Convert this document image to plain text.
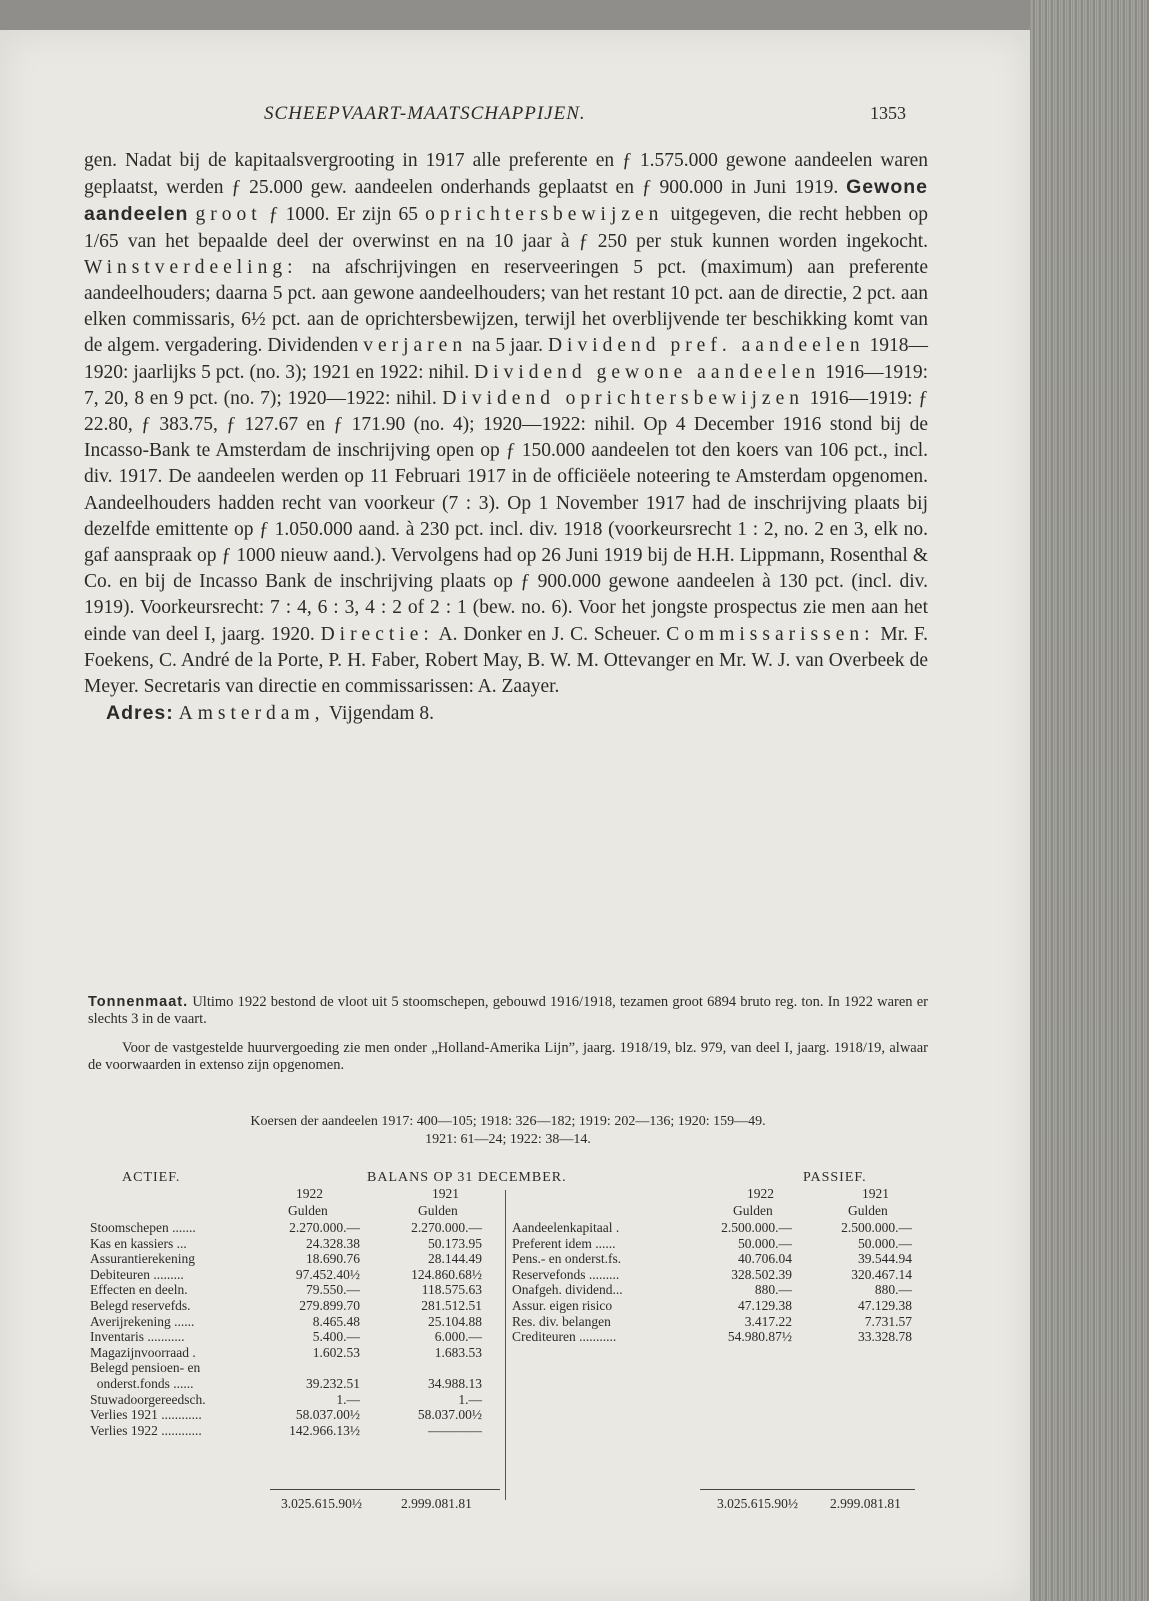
SCHEEPVAART-MAATSCHAPPIJEN.	1353

gen. Nadat bij de kapitaalsvergrooting in 1917 alle preferente en ƒ 1.575.000 gewone aandeelen waren geplaatst, werden ƒ 25.000 gew. aandeelen onderhands geplaatst en ƒ 900.000 in Juni 1919. Gewone aandeelen groot ƒ 1000. Er zijn 65 oprichtersbewijzen uitgegeven, die recht hebben op 1/65 van het bepaalde deel der overwinst en na 10 jaar à ƒ 250 per stuk kunnen worden ingekocht. Winstverdeeling: na afschrijvingen en reserveeringen 5 pct. (maximum) aan preferente aandeelhouders; daarna 5 pct. aan gewone aandeelhouders; van het restant 10 pct. aan de directie, 2 pct. aan elken commissaris, 6½ pct. aan de oprichtersbewijzen, terwijl het overblijvende ter beschikking komt van de algem. vergadering. Dividenden verjaren na 5 jaar. Dividend pref. aandeelen 1918—1920: jaarlijks 5 pct. (no. 3); 1921 en 1922: nihil. Dividend gewone aandeelen 1916—1919: 7, 20, 8 en 9 pct. (no. 7); 1920—1922: nihil. Dividend oprichtersbewijzen 1916—1919: ƒ 22.80, ƒ 383.75, ƒ 127.67 en ƒ 171.90 (no. 4); 1920—1922: nihil. Op 4 December 1916 stond bij de Incasso-Bank te Amsterdam de inschrijving open op ƒ 150.000 aandeelen tot den koers van 106 pct., incl. div. 1917. De aandeelen werden op 11 Februari 1917 in de officiëele noteering te Amsterdam opgenomen. Aandeelhouders hadden recht van voorkeur (7 : 3). Op 1 November 1917 had de inschrijving plaats bij dezelfde emittente op ƒ 1.050.000 aand. à 230 pct. incl. div. 1918 (voorkeursrecht 1 : 2, no. 2 en 3, elk no. gaf aanspraak op ƒ 1000 nieuw aand.). Vervolgens had op 26 Juni 1919 bij de H.H. Lippmann, Rosenthal & Co. en bij de Incasso Bank de inschrijving plaats op ƒ 900.000 gewone aandeelen à 130 pct. (incl. div. 1919). Voorkeursrecht: 7 : 4, 6 : 3, 4 : 2 of 2 : 1 (bew. no. 6). Voor het jongste prospectus zie men aan het einde van deel I, jaarg. 1920. Directie: A. Donker en J. C. Scheuer. Commissarissen: Mr. F. Foekens, C. André de la Porte, P. H. Faber, Robert May, B. W. M. Ottevanger en Mr. W. J. van Overbeek de Meyer. Secretaris van directie en commissarissen: A. Zaayer.

Adres: Amsterdam, Vijgendam 8.

Tonnenmaat. Ultimo 1922 bestond de vloot uit 5 stoomschepen, gebouwd 1916/1918, tezamen groot 6894 bruto reg. ton. In 1922 waren er slechts 3 in de vaart.
Voor de vastgestelde huurvergoeding zie men onder „Holland-Amerika Lijn”, jaarg. 1918/19, blz. 979, van deel I, jaarg. 1918/19, alwaar de voorwaarden in extenso zijn opgenomen.
Koersen der aandeelen 1917: 400—105; 1918: 326—182; 1919: 202—136; 1920: 159—49.
1921: 61—24; 1922: 38—14.
ACTIEF.	BALANS OP 31 DECEMBER.	PASSIEF.
1922	1921
Gulden	Gulden
1922	1921
Gulden	Gulden
Stoomschepen .......	2.270.000.—	2.270.000.—
Kas en kassiers ...	24.328.38	50.173.95
Assurantierekening	18.690.76	28.144.49
Debiteuren .........	97.452.40½	124.860.68½
Effecten en deeln.	79.550.—	118.575.63
Belegd reservefds.	279.899.70	281.512.51
Averijrekening ......	8.465.48	25.104.88
Inventaris ...........	5.400.—	6.000.—
Magazijnvoorraad .	1.602.53	1.683.53
Belegd pensioen- en
onderst.fonds ......	39.232.51	34.988.13
Stuwadoorgereedsch.	1.—	1.—
Verlies 1921 ............	58.037.00½	58.037.00½
Verlies 1922 ............	142.966.13½	————
Aandeelenkapitaal .	2.500.000.—	2.500.000.—
Preferent idem ......	50.000.—	50.000.—
Pens.- en onderst.fs.	40.706.04	39.544.94
Reservefonds .........	328.502.39	320.467.14
Onafgeh. dividend...	880.—	880.—
Assur. eigen risico	47.129.38	47.129.38
Res. div. belangen	3.417.22	7.731.57
Crediteuren ...........	54.980.87½	33.328.78
3.025.615.90½	2.999.081.81	3.025.615.90½ 2.999.081.81
